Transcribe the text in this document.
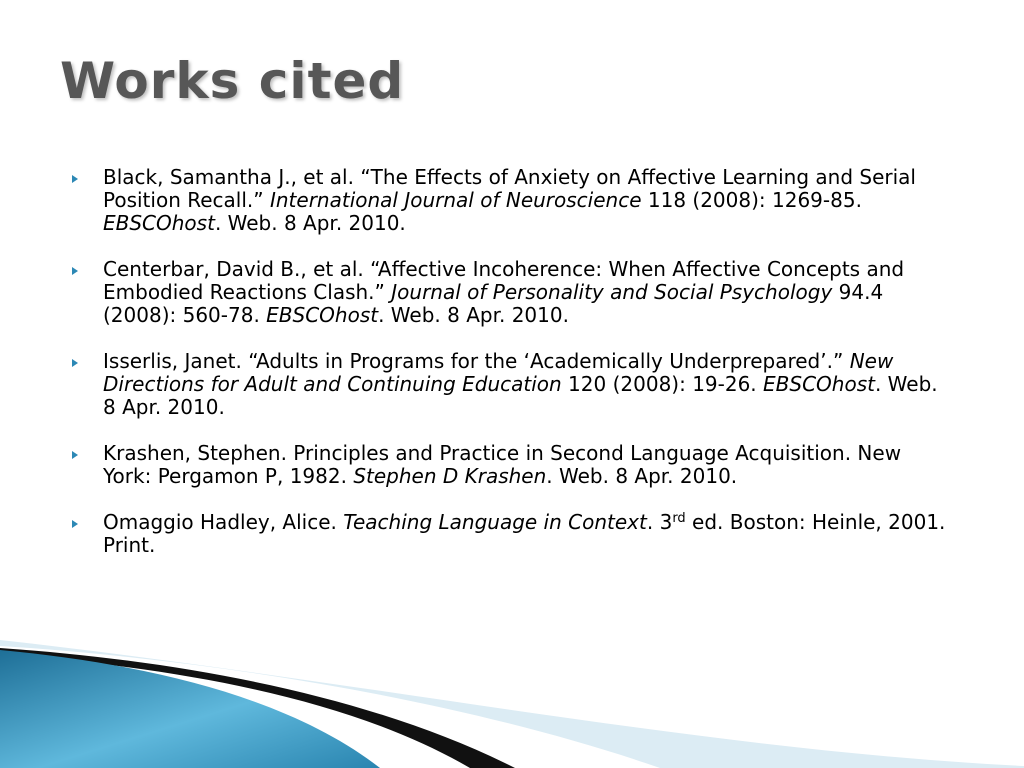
Works cited
Black, Samantha J., et al. “The Effects of Anxiety on Affective Learning and Serial Position Recall.” International Journal of Neuroscience 118 (2008): 1269-85. EBSCOhost. Web. 8 Apr. 2010.
Centerbar, David B., et al. “Affective Incoherence: When Affective Concepts and Embodied Reactions Clash.” Journal of Personality and Social Psychology 94.4 (2008): 560-78. EBSCOhost. Web. 8 Apr. 2010.
Isserlis, Janet. “Adults in Programs for the ‘Academically Underprepared’.” New Directions for Adult and Continuing Education 120 (2008): 19-26. EBSCOhost. Web. 8 Apr. 2010.
Krashen, Stephen. Principles and Practice in Second Language Acquisition. New York: Pergamon P, 1982. Stephen D Krashen. Web. 8 Apr. 2010.
Omaggio Hadley, Alice. Teaching Language in Context. 3rd ed. Boston: Heinle, 2001. Print.
